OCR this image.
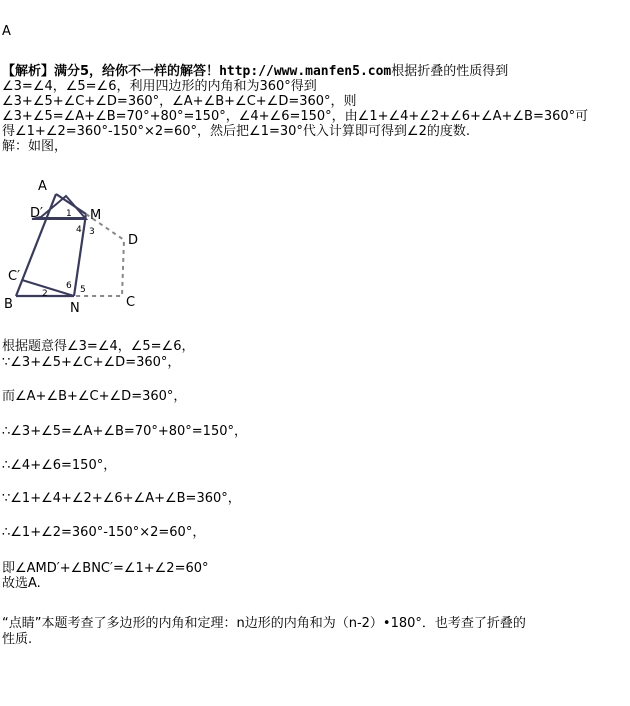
A
【解析】满分5，给你不一样的解答！http://www.manfen5.com根据折叠的性质得到
∠3=∠4，∠5=∠6，利用四边形的内角和为360°得到
∠3+∠5+∠C+∠D=360°，∠A+∠B+∠C+∠D=360°，则
∠3+∠5=∠A+∠B=70°+80°=150°，∠4+∠6=150°，由∠1+∠4+∠2+∠6+∠A+∠B=360°可
得∠1+∠2=360°-150°×2=60°，然后把∠1=30°代入计算即可得到∠2的度数.
解：如图，
A
D′	M
D
C′
B	N	C
1
2
3
4
5
6
根据题意得∠3=∠4，∠5=∠6，
∵∠3+∠5+∠C+∠D=360°，
而∠A+∠B+∠C+∠D=360°，
∴∠3+∠5=∠A+∠B=70°+80°=150°，
∴∠4+∠6=150°，
∵∠1+∠4+∠2+∠6+∠A+∠B=360°，
∴∠1+∠2=360°-150°×2=60°，
即∠AMD′+∠BNC′=∠1+∠2=60°
故选A.
“点睛”本题考查了多边形的内角和定理：n边形的内角和为（n-2）•180°．也考查了折叠的
性质.
